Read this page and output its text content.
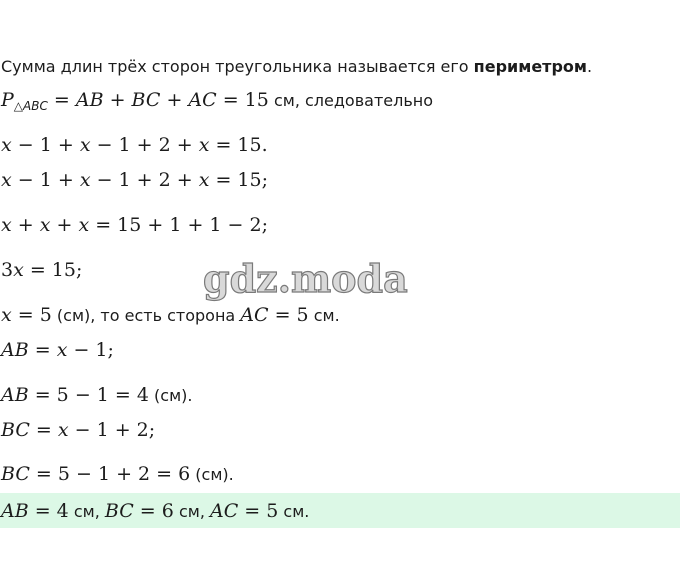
Сумма длин трёх сторон треугольника называется его периметром.
$P_{\triangle ABC}$ = AB + BC + AC = 15 см, следовательно
x − 1 + x − 1 + 2 + x = 15.
x − 1 + x − 1 + 2 + x = 15;
x + x + x = 15 + 1 + 1 − 2;
3x = 15;	gdz.moda
x = 5 (см), то есть сторона AC = 5 см.
AB = x − 1;
AB = 5 − 1 = 4 (см).
BC = x − 1 + 2;
BC = 5 − 1 + 2 = 6 (см).
AB = 4 см, BC = 6 см, AC = 5 см.
